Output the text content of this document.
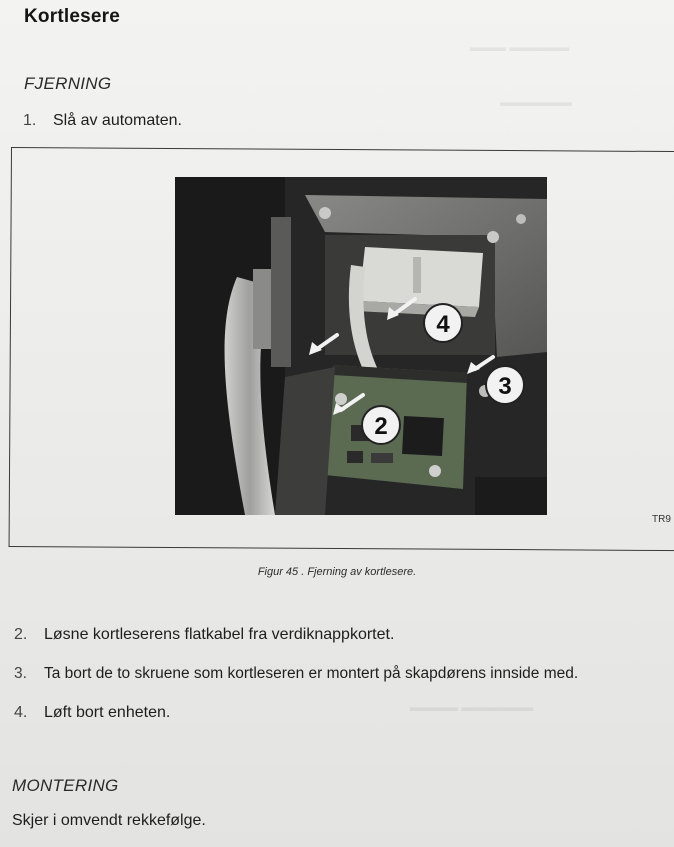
▬▬▬ ▬▬▬▬▬
▬▬▬▬▬▬
▬▬▬▬ ▬▬▬▬▬▬
Kortlesere
FJERNING
1. Slå av automaten.
4
3
2
TR9
Figur 45 . Fjerning av kortlesere.
2. Løsne kortleserens flatkabel fra verdiknappkortet.
3. Ta bort de to skruene som kortleseren er montert på skapdørens innside med.
4. Løft bort enheten.
MONTERING
Skjer i omvendt rekkefølge.
